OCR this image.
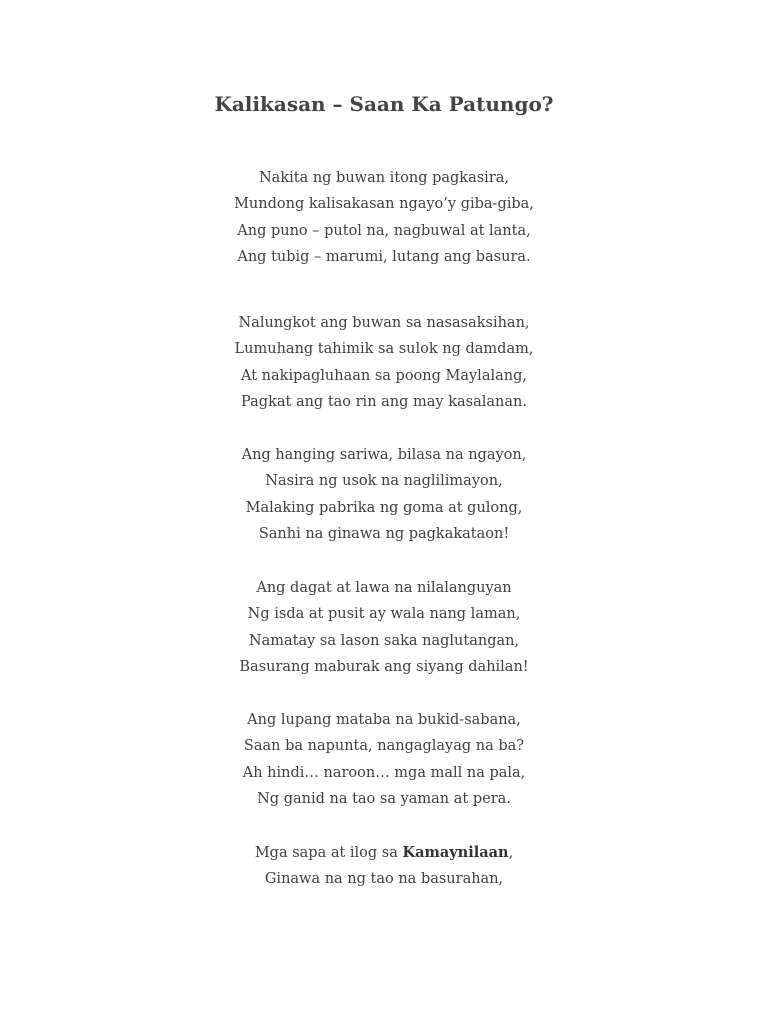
Kalikasan – Saan Ka Patungo?
Nakita ng buwan itong pagkasira,
Mundong kalisakasan ngayo’y giba-giba,
Ang puno – putol na, nagbuwal at lanta,
Ang tubig – marumi, lutang ang basura.
Nalungkot ang buwan sa nasasaksihan,
Lumuhang tahimik sa sulok ng damdam,
At nakipagluhaan sa poong Maylalang,
Pagkat ang tao rin ang may kasalanan.
Ang hanging sariwa, bilasa na ngayon,
Nasira ng usok na naglilimayon,
Malaking pabrika ng goma at gulong,
Sanhi na ginawa ng pagkakataon!
Ang dagat at lawa na nilalanguyan
Ng isda at pusit ay wala nang laman,
Namatay sa lason saka naglutangan,
Basurang maburak ang siyang dahilan!
Ang lupang mataba na bukid-sabana,
Saan ba napunta, nangaglayag na ba?
Ah hindi… naroon… mga mall na pala,
Ng ganid na tao sa yaman at pera.
Mga sapa at ilog sa Kamaynilaan,
Ginawa na ng tao na basurahan,
